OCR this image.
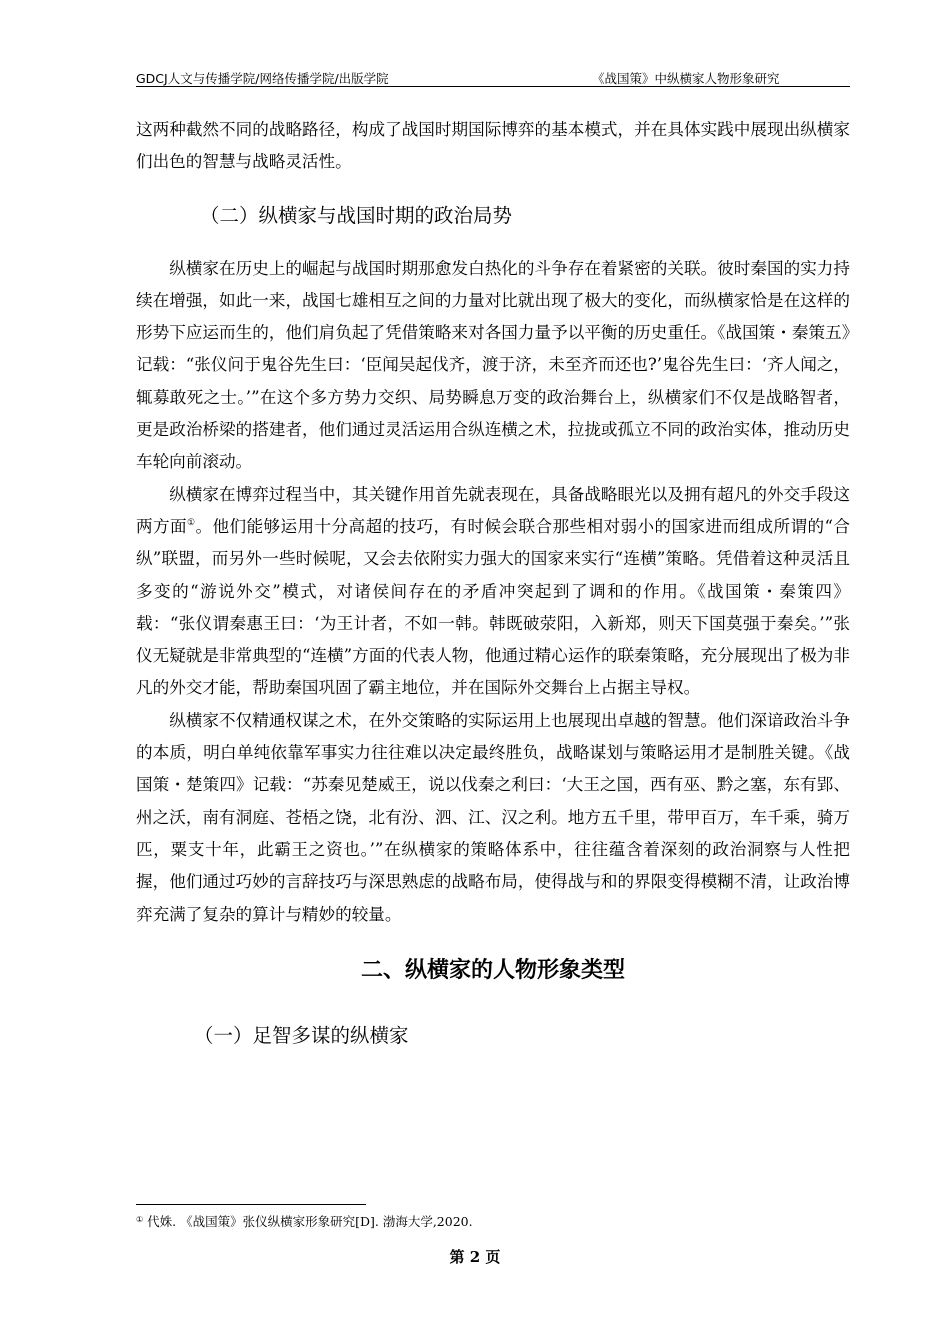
GDCJ人文与传播学院/网络传播学院/出版学院	《战国策》中纵横家人物形象研究

这两种截然不同的战略路径，构成了战国时期国际博弈的基本模式，并在具体实践中展现出纵横家们出色的智慧与战略灵活性。

（二）纵横家与战国时期的政治局势

纵横家在历史上的崛起与战国时期那愈发白热化的斗争存在着紧密的关联。彼时秦国的实力持续在增强，如此一来，战国七雄相互之间的力量对比就出现了极大的变化，而纵横家恰是在这样的形势下应运而生的，他们肩负起了凭借策略来对各国力量予以平衡的历史重任。《战国策・秦策五》记载：“张仪问于鬼谷先生曰：‘臣闻吴起伐齐，渡于济，未至齐而还也?’鬼谷先生曰：‘齐人闻之，辄募敢死之士。’”在这个多方势力交织、局势瞬息万变的政治舞台上，纵横家们不仅是战略智者，更是政治桥梁的搭建者，他们通过灵活运用合纵连横之术，拉拢或孤立不同的政治实体，推动历史车轮向前滚动。

纵横家在博弈过程当中，其关键作用首先就表现在，具备战略眼光以及拥有超凡的外交手段这两方面①。他们能够运用十分高超的技巧，有时候会联合那些相对弱小的国家进而组成所谓的“合纵”联盟，而另外一些时候呢，又会去依附实力强大的国家来实行“连横”策略。凭借着这种灵活且多变的“游说外交”模式，对诸侯间存在的矛盾冲突起到了调和的作用。《战国策・秦策四》载：“张仪谓秦惠王曰：‘为王计者，不如一韩。韩既破荥阳，入新郑，则天下国莫强于秦矣。’”张仪无疑就是非常典型的“连横”方面的代表人物，他通过精心运作的联秦策略，充分展现出了极为非凡的外交才能，帮助秦国巩固了霸主地位，并在国际外交舞台上占据主导权。

纵横家不仅精通权谋之术，在外交策略的实际运用上也展现出卓越的智慧。他们深谙政治斗争的本质，明白单纯依靠军事实力往往难以决定最终胜负，战略谋划与策略运用才是制胜关键。《战国策・楚策四》记载：“苏秦见楚威王，说以伐秦之利曰：‘大王之国，西有巫、黔之塞，东有郢、州之沃，南有洞庭、苍梧之饶，北有汾、泗、江、汉之利。地方五千里，带甲百万，车千乘，骑万匹，粟支十年，此霸王之资也。’”在纵横家的策略体系中，往往蕴含着深刻的政治洞察与人性把握，他们通过巧妙的言辞技巧与深思熟虑的战略布局，使得战与和的界限变得模糊不清，让政治博弈充满了复杂的算计与精妙的较量。

二、纵横家的人物形象类型

（一）足智多谋的纵横家

① 代姝. 《战国策》张仪纵横家形象研究[D]. 渤海大学,2020.
第 2 页
